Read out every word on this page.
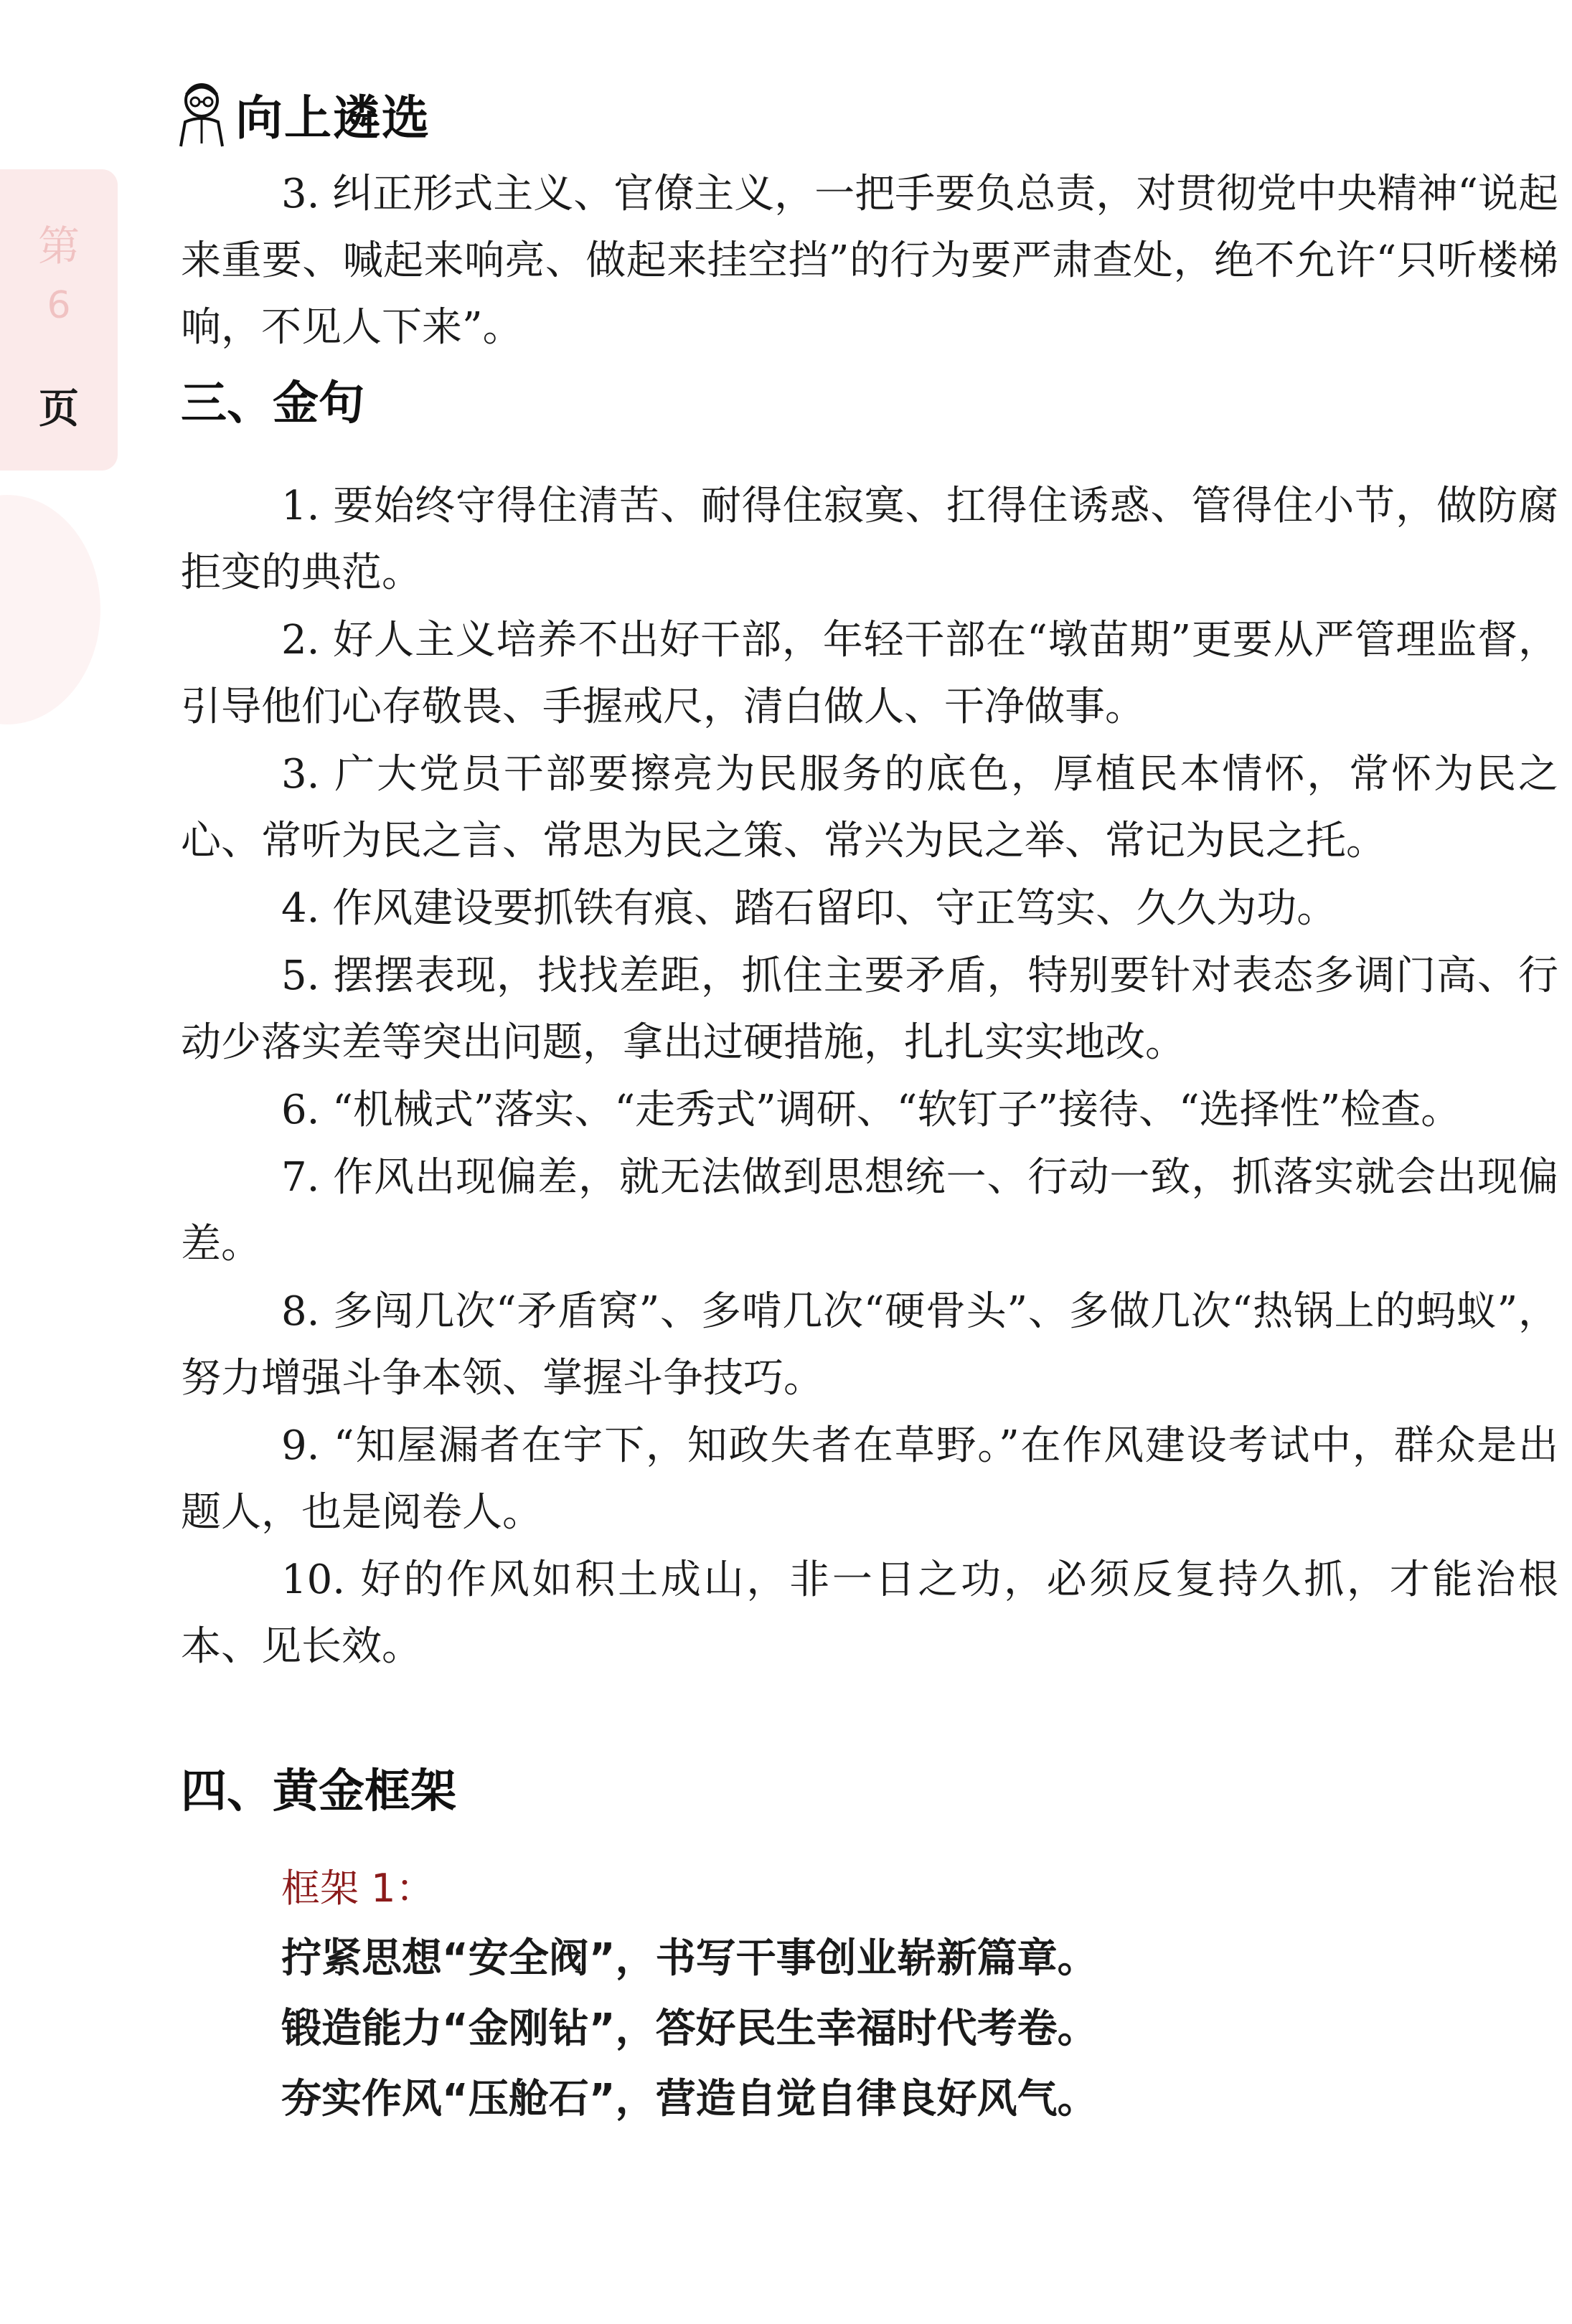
第
6
页
向上遴选

3. 纠正形式主义、官僚主义，一把手要负总责，对贯彻党中央精神“说起来重要、喊起来响亮、做起来挂空挡”的行为要严肃查处，绝不允许“只听楼梯响，不见人下来”。

三、金句

1. 要始终守得住清苦、耐得住寂寞、扛得住诱惑、管得住小节，做防腐拒变的典范。

2. 好人主义培养不出好干部，年轻干部在“墩苗期”更要从严管理监督，引导他们心存敬畏、手握戒尺，清白做人、干净做事。

3. 广大党员干部要擦亮为民服务的底色，厚植民本情怀，常怀为民之心、常听为民之言、常思为民之策、常兴为民之举、常记为民之托。

4. 作风建设要抓铁有痕、踏石留印、守正笃实、久久为功。

5. 摆摆表现，找找差距，抓住主要矛盾，特别要针对表态多调门高、行动少落实差等突出问题，拿出过硬措施，扎扎实实地改。

6. “机械式”落实、“走秀式”调研、“软钉子”接待、“选择性”检查。

7. 作风出现偏差，就无法做到思想统一、行动一致，抓落实就会出现偏差。

8. 多闯几次“矛盾窝”、多啃几次“硬骨头”、多做几次“热锅上的蚂蚁”，努力增强斗争本领、掌握斗争技巧。

9. “知屋漏者在宇下，知政失者在草野。”在作风建设考试中，群众是出题人，也是阅卷人。

10. 好的作风如积土成山，非一日之功，必须反复持久抓，才能治根本、见长效。

四、黄金框架

框架 1：

拧紧思想“安全阀”，书写干事创业崭新篇章。

锻造能力“金刚钻”，答好民生幸福时代考卷。

夯实作风“压舱石”，营造自觉自律良好风气。
